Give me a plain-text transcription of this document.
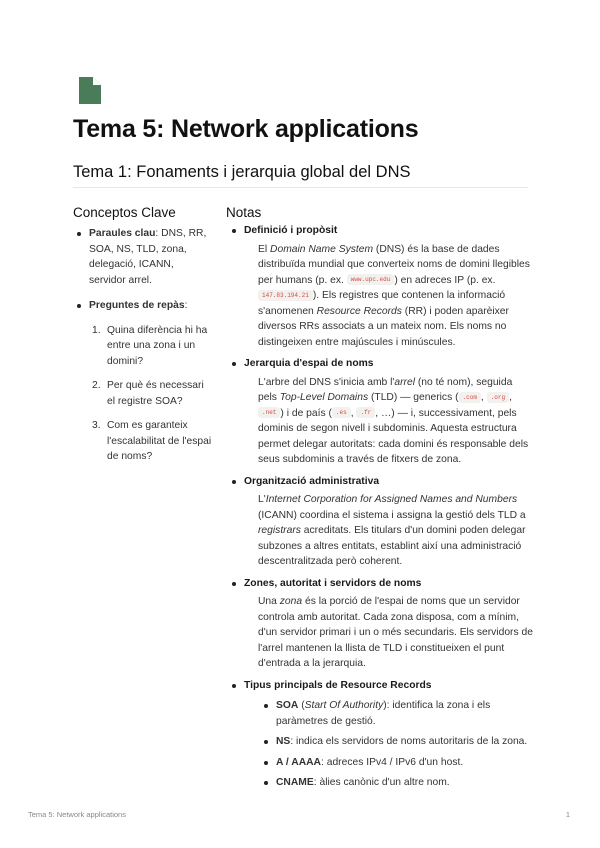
Tema 5: Network applications
Tema 1: Fonaments i jerarquia global del DNS
Conceptos Clave	Notas
Paraules clau: DNS, RR, SOA, NS, TLD, zona, delegació, ICANN, servidor arrel.
Preguntes de repàs:
1. Quina diferència hi ha entre una zona i un domini?
2. Per què és necessari el registre SOA?
3. Com es garanteix l'escalabilitat de l'espai de noms?
Definició i propòsit
El Domain Name System (DNS) és la base de dades distribuïda mundial que converteix noms de domini llegibles per humans (p. ex. www.upc.edu ) en adreces IP (p. ex. 147.83.194.21 ). Els registres que contenen la informació s'anomenen Resource Records (RR) i poden aparèixer diversos RRs associats a un mateix nom. Els noms no distingeixen entre majúscules i minúscules.
Jerarquia d'espai de noms
L'arbre del DNS s'inicia amb l'arrel (no té nom), seguida pels Top-Level Domains (TLD) — generics ( .com , .org , .net ) i de país ( .es , .fr , …) — i, successivament, pels dominis de segon nivell i subdominis. Aquesta estructura permet delegar autoritats: cada domini és responsable dels seus subdominis a través de fitxers de zona.
Organització administrativa
L'Internet Corporation for Assigned Names and Numbers (ICANN) coordina el sistema i assigna la gestió dels TLD a registrars acreditats. Els titulars d'un domini poden delegar subzones a altres entitats, establint així una administració descentralitzada però coherent.
Zones, autoritat i servidors de noms
Una zona és la porció de l'espai de noms que un servidor controla amb autoritat. Cada zona disposa, com a mínim, d'un servidor primari i un o més secundaris. Els servidors de l'arrel mantenen la llista de TLD i constitueixen el punt d'entrada a la jerarquia.
Tipus principals de Resource Records
SOA (Start Of Authority): identifica la zona i els paràmetres de gestió.
NS: indica els servidors de noms autoritaris de la zona.
A / AAAA: adreces IPv4 / IPv6 d'un host.
CNAME: àlies canònic d'un altre nom.
Tema 5: Network applications	1
